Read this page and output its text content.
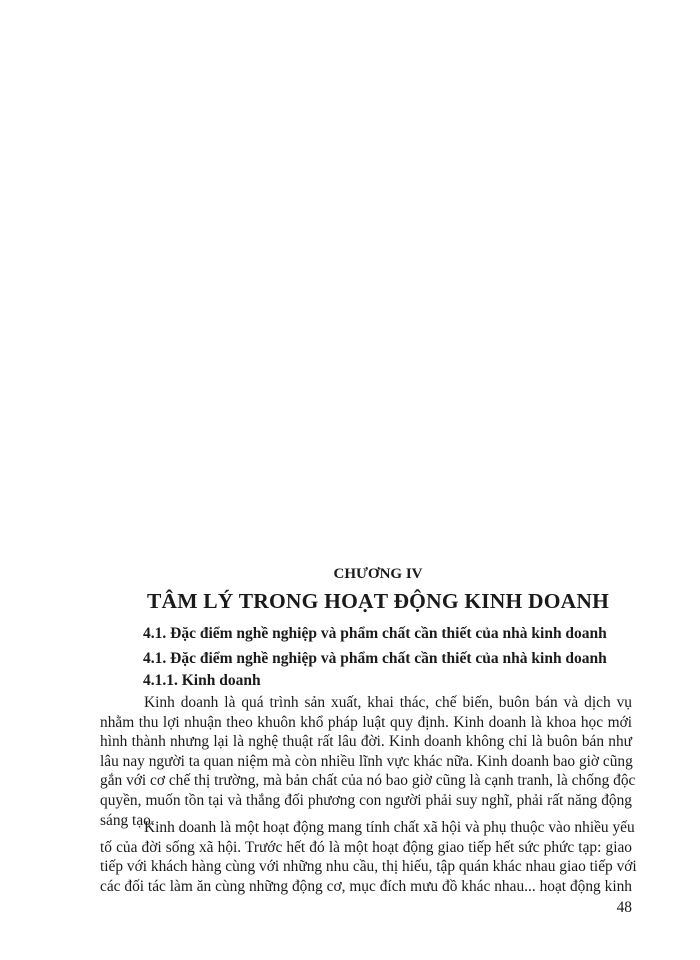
CHƯƠNG IV
TÂM LÝ TRONG HOẠT ĐỘNG KINH DOANH
4.1. Đặc điểm nghề nghiệp và phẩm chất cần thiết của nhà kinh doanh
4.1. Đặc điểm nghề nghiệp và phẩm chất cần thiết của nhà kinh doanh
4.1.1. Kinh doanh
Kinh doanh là quá trình sản xuất, khai thác, chế biến, buôn bán và dịch vụ
nhằm thu lợi nhuận theo khuôn khổ pháp luật quy định. Kinh doanh là khoa học mới
hình thành nhưng lại là nghệ thuật rất lâu đời. Kinh doanh không chỉ là buôn bán như
lâu nay người ta quan niệm mà còn nhiều lĩnh vực khác nữa. Kinh doanh bao giờ cũng
gắn với cơ chế thị trường, mà bản chất của nó bao giờ cũng là cạnh tranh, là chống độc
quyền, muốn tồn tại và thắng đối phương con người phải suy nghĩ, phải rất năng động
sáng tạo.
Kinh doanh là một hoạt động mang tính chất xã hội và phụ thuộc vào nhiều yếu
tố của đời sống xã hội. Trước hết đó là một hoạt động giao tiếp hết sức phức tạp: giao
tiếp với khách hàng cùng với những nhu cầu, thị hiếu, tập quán khác nhau giao tiếp với
các đối tác làm ăn cùng những động cơ, mục đích mưu đồ khác nhau... hoạt động kinh
48
